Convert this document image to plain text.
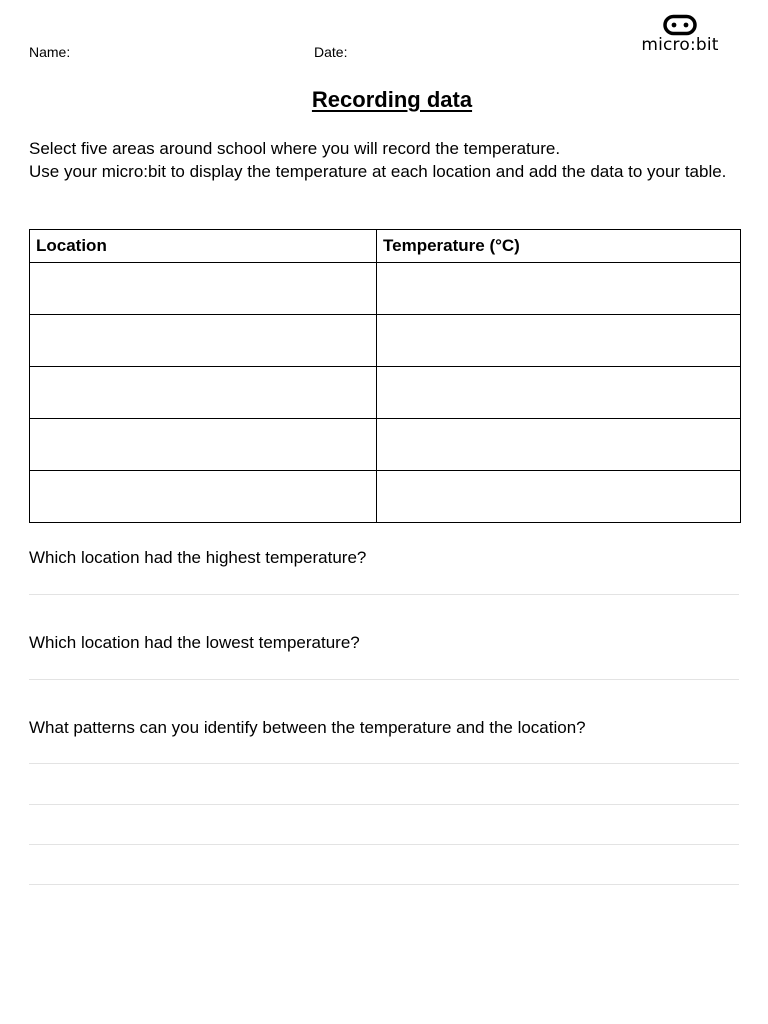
Name:	Date:	micro:bit
Recording data

Select five areas around school where you will record the temperature.

Use your micro:bit to display the temperature at each location and add the data to your table.

Location	Temperature (°C)

Which location had the highest temperature?
Which location had the lowest temperature?
What patterns can you identify between the temperature and the location?
